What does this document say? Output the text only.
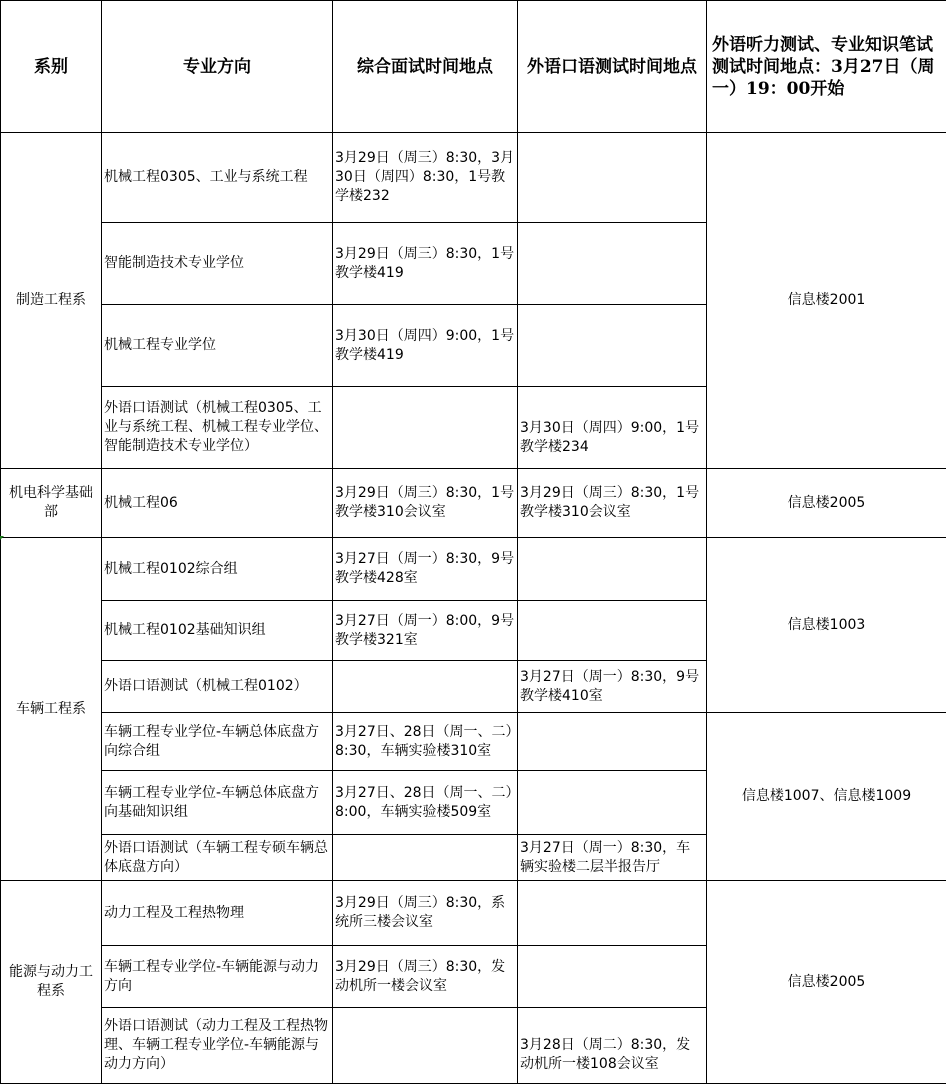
系别	专业方向	综合面试时间地点	外语口语测试时间地点	外语听力测试、专业知识笔试测试时间地点：3月27日（周一）19：00开始
制造工程系	机械工程0305、工业与系统工程	3月29日（周三）8:30，3月30日（周四）8:30，1号教学楼232		信息楼2001
	智能制造技术专业学位	3月29日（周三）8:30，1号教学楼419		
	机械工程专业学位	3月30日（周四）9:00，1号教学楼419		
	外语口语测试（机械工程0305、工业与系统工程、机械工程专业学位、智能制造技术专业学位）		3月30日（周四）9:00，1号教学楼234	
机电科学基础部	机械工程06	3月29日（周三）8:30，1号教学楼310会议室	3月29日（周三）8:30，1号教学楼310会议室	信息楼2005
车辆工程系	机械工程0102综合组	3月27日（周一）8:30，9号教学楼428室		信息楼1003
	机械工程0102基础知识组	3月27日（周一）8:00，9号教学楼321室		
	外语口语测试（机械工程0102）		3月27日（周一）8:30，9号教学楼410室	
	车辆工程专业学位-车辆总体底盘方向综合组	3月27日、28日（周一、二）8:30，车辆实验楼310室		信息楼1007、信息楼1009
	车辆工程专业学位-车辆总体底盘方向基础知识组	3月27日、28日（周一、二）8:00，车辆实验楼509室		
	外语口语测试（车辆工程专硕车辆总体底盘方向）		3月27日（周一）8:30，车辆实验楼二层半报告厅	
能源与动力工程系	动力工程及工程热物理	3月29日（周三）8:30，系统所三楼会议室		信息楼2005
	车辆工程专业学位-车辆能源与动力方向	3月29日（周三）8:30，发动机所一楼会议室		
	外语口语测试（动力工程及工程热物理、车辆工程专业学位-车辆能源与动力方向）		3月28日（周二）8:30，发动机所一楼108会议室	
